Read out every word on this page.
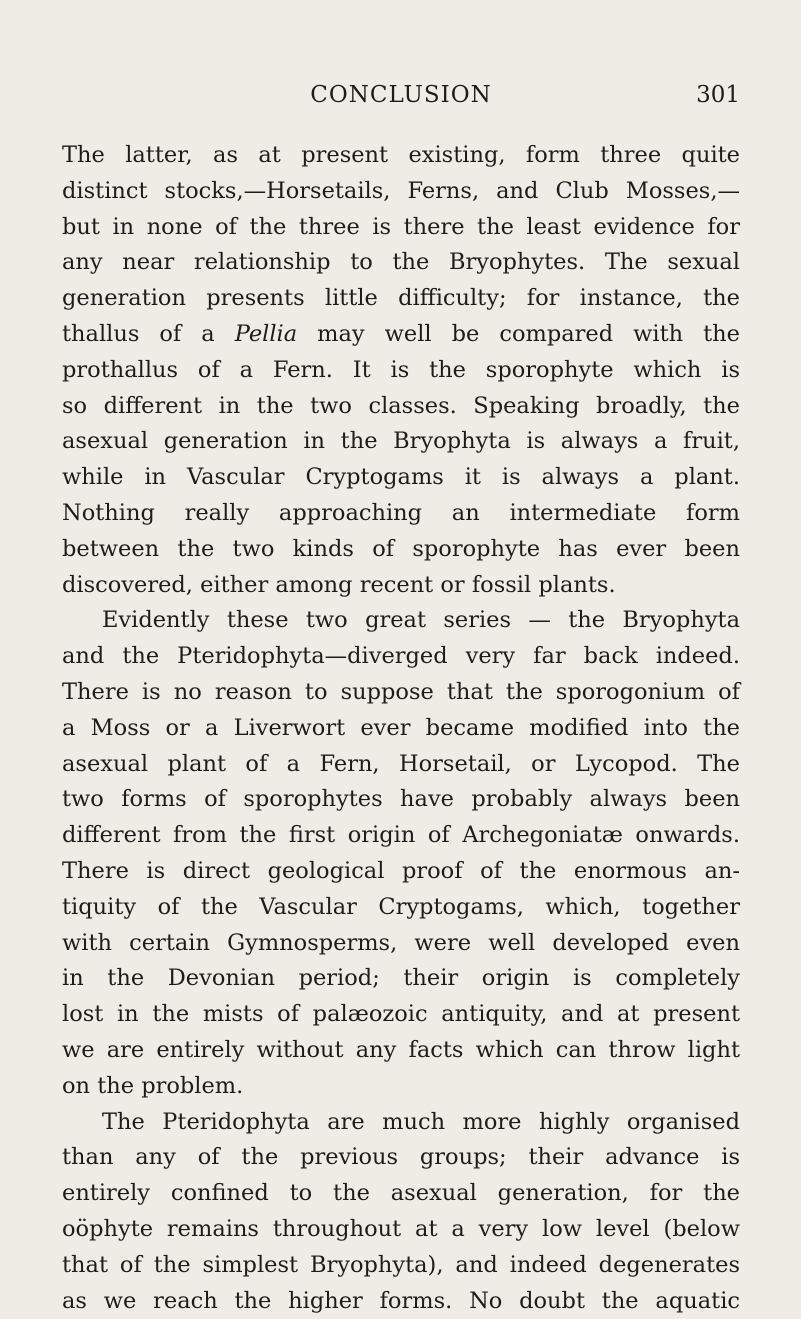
CONCLUSION	301
The latter, as at present existing, form three quite
distinct stocks,—Horsetails, Ferns, and Club Mosses,—
but in none of the three is there the least evidence for
any near relationship to the Bryophytes. The sexual
generation presents little difficulty; for instance, the
thallus of a Pellia may well be compared with the
prothallus of a Fern. It is the sporophyte which is
so different in the two classes. Speaking broadly, the
asexual generation in the Bryophyta is always a fruit,
while in Vascular Cryptogams it is always a plant.
Nothing really approaching an intermediate form
between the two kinds of sporophyte has ever been
discovered, either among recent or fossil plants.
Evidently these two great series — the Bryophyta
and the Pteridophyta—diverged very far back indeed.
There is no reason to suppose that the sporogonium of
a Moss or a Liverwort ever became modified into the
asexual plant of a Fern, Horsetail, or Lycopod. The
two forms of sporophytes have probably always been
different from the first origin of Archegoniatæ onwards.
There is direct geological proof of the enormous an-
tiquity of the Vascular Cryptogams, which, together
with certain Gymnosperms, were well developed even
in the Devonian period; their origin is completely
lost in the mists of palæozoic antiquity, and at present
we are entirely without any facts which can throw light
on the problem.
The Pteridophyta are much more highly organised
than any of the previous groups; their advance is
entirely confined to the asexual generation, for the
oöphyte remains throughout at a very low level (below
that of the simplest Bryophyta), and indeed degenerates
as we reach the higher forms. No doubt the aquatic
